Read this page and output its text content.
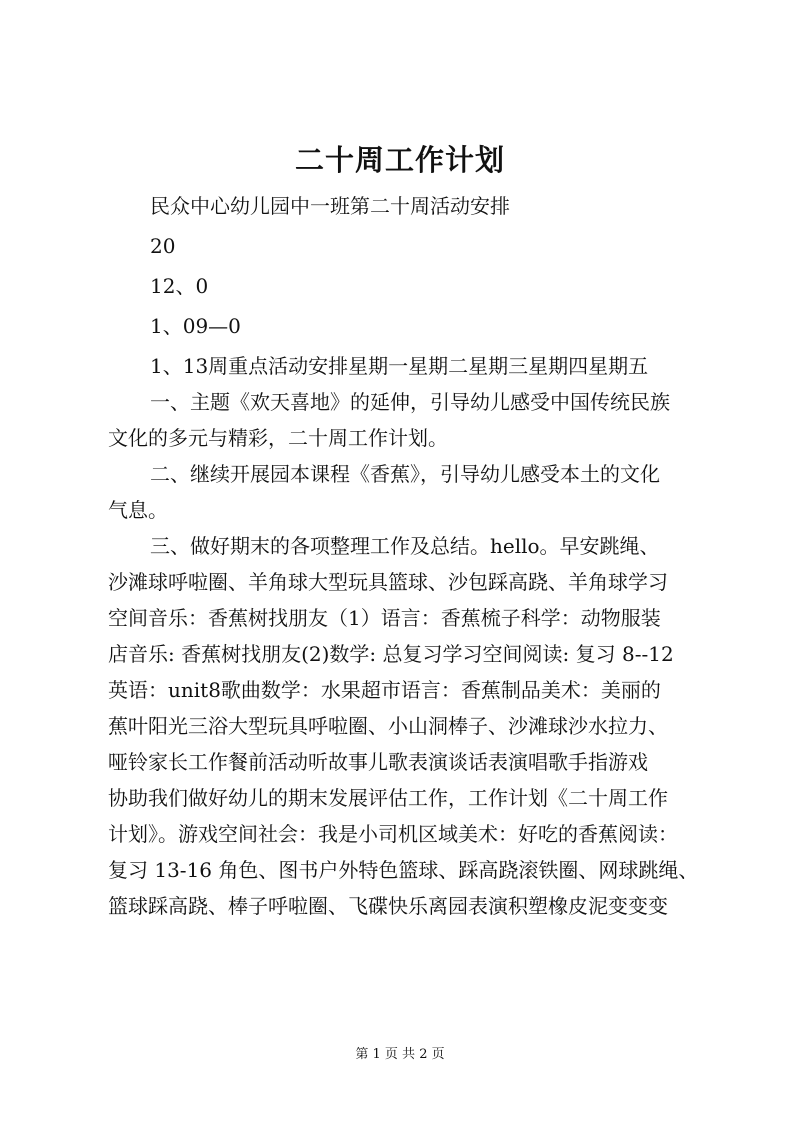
二十周工作计划
民众中心幼儿园中一班第二十周活动安排
20
12、0
1、09—0
1、13周重点活动安排星期一星期二星期三星期四星期五
一、主题《欢天喜地》的延伸，引导幼儿感受中国传统民族
文化的多元与精彩，二十周工作计划。
二、继续开展园本课程《香蕉》，引导幼儿感受本土的文化
气息。
三、做好期末的各项整理工作及总结。hello。早安跳绳、
沙滩球呼啦圈、羊角球大型玩具篮球、沙包踩高跷、羊角球学习
空间音乐：香蕉树找朋友（1）语言：香蕉梳子科学：动物服装
店音乐: 香蕉树找朋友(2)数学: 总复习学习空间阅读: 复习 8--12
英语：unit8歌曲数学：水果超市语言：香蕉制品美术：美丽的
蕉叶阳光三浴大型玩具呼啦圈、小山洞棒子、沙滩球沙水拉力、
哑铃家长工作餐前活动听故事儿歌表演谈话表演唱歌手指游戏
协助我们做好幼儿的期末发展评估工作，工作计划《二十周工作
计划》。游戏空间社会：我是小司机区域美术：好吃的香蕉阅读：
复习 13-16 角色、图书户外特色篮球、踩高跷滚铁圈、网球跳绳、
篮球踩高跷、棒子呼啦圈、飞碟快乐离园表演积塑橡皮泥变变变
第 1 页 共 2 页
